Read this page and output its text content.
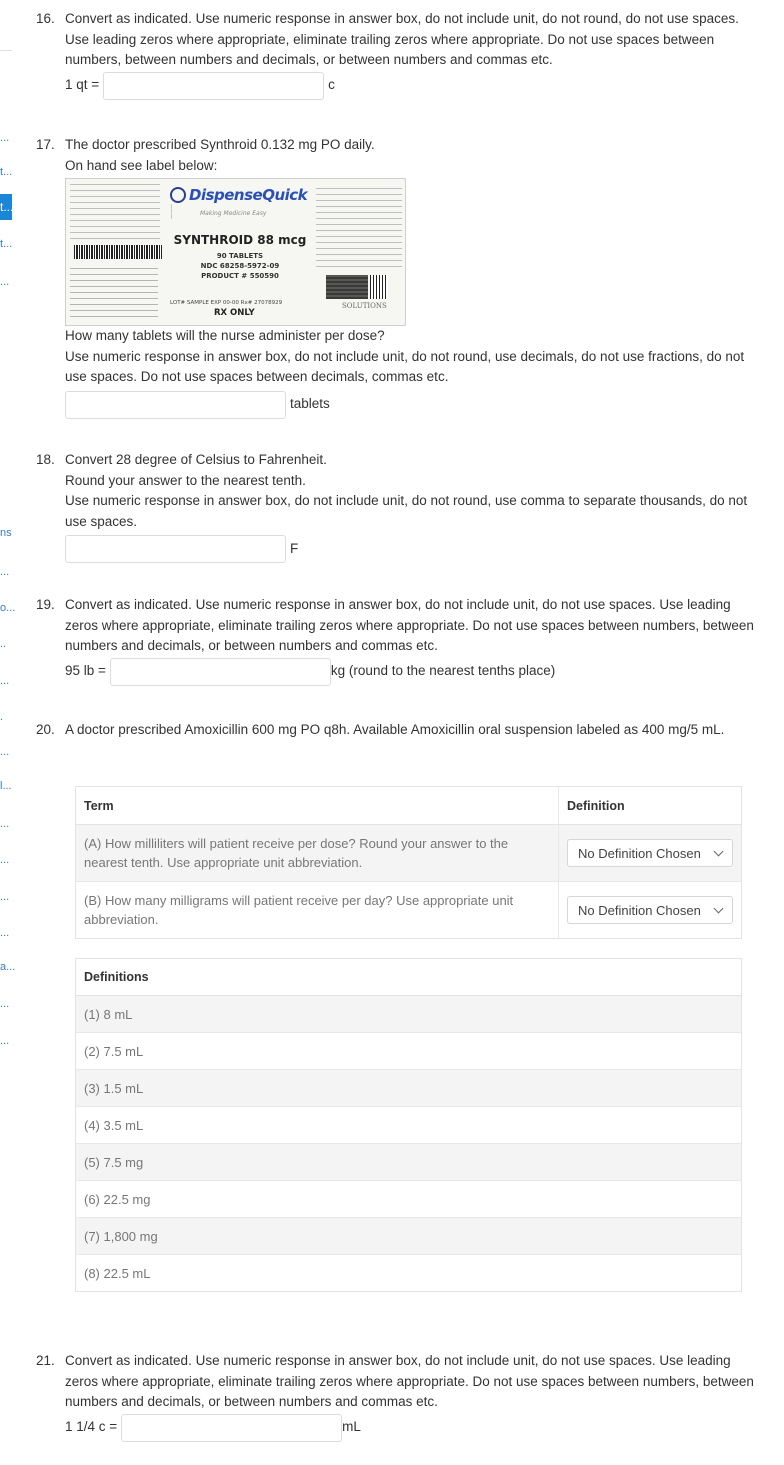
...
t...
t...
t...
...
ns
...
o...
..
...
.
...
l...
...
...
...
...
a...
...
...
16. Convert as indicated. Use numeric response in answer box, do not include unit, do not round, do not use spaces. Use leading zeros where appropriate, eliminate trailing zeros where appropriate. Do not use spaces between numbers, between numbers and decimals, or between numbers and commas etc.

1 qt =	c
17. The doctor prescribed Synthroid 0.132 mg PO daily.

On hand see label below:

———
DispenseQuick
Making Medicine Easy
SYNTHROID 88 mcg
90 TABLETS
NDC 68258-5972-09
PRODUCT # 550590
LOT# SAMPLE EXP 00-00 Rx# 27078929
RX ONLY
SOLUTIONS

How many tablets will the nurse administer per dose?

Use numeric response in answer box, do not include unit, do not round, use decimals, do not use fractions, do not use spaces. Do not use spaces between decimals, commas etc.

tablets
18. Convert 28 degree of Celsius to Fahrenheit.

Round your answer to the nearest tenth.

Use numeric response in answer box, do not include unit, do not round, use comma to separate thousands, do not use spaces.

F
19. Convert as indicated. Use numeric response in answer box, do not include unit, do not use spaces. Use leading zeros where appropriate, eliminate trailing zeros where appropriate. Do not use spaces between numbers, between numbers and decimals, or between numbers and commas etc.

95 lb =	kg (round to the nearest tenths place)
20. A doctor prescribed Amoxicillin 600 mg PO q8h. Available Amoxicillin oral suspension labeled as 400 mg/5 mL.

Term	Definition
(A) How milliliters will patient receive per dose? Round your answer to the nearest tenth. Use appropriate unit abbreviation.	No Definition Chosen

(B) How many milligrams will patient receive per day? Use appropriate unit abbreviation.	No Definition Chosen
Definitions
(1) 8 mL
(2) 7.5 mL
(3) 1.5 mL
(4) 3.5 mL
(5) 7.5 mg
(6) 22.5 mg
(7) 1,800 mg
(8) 22.5 mL
21. Convert as indicated. Use numeric response in answer box, do not include unit, do not use spaces. Use leading zeros where appropriate, eliminate trailing zeros where appropriate. Do not use spaces between numbers, between numbers and decimals, or between numbers and commas etc.

1 1/4 c =	mL
